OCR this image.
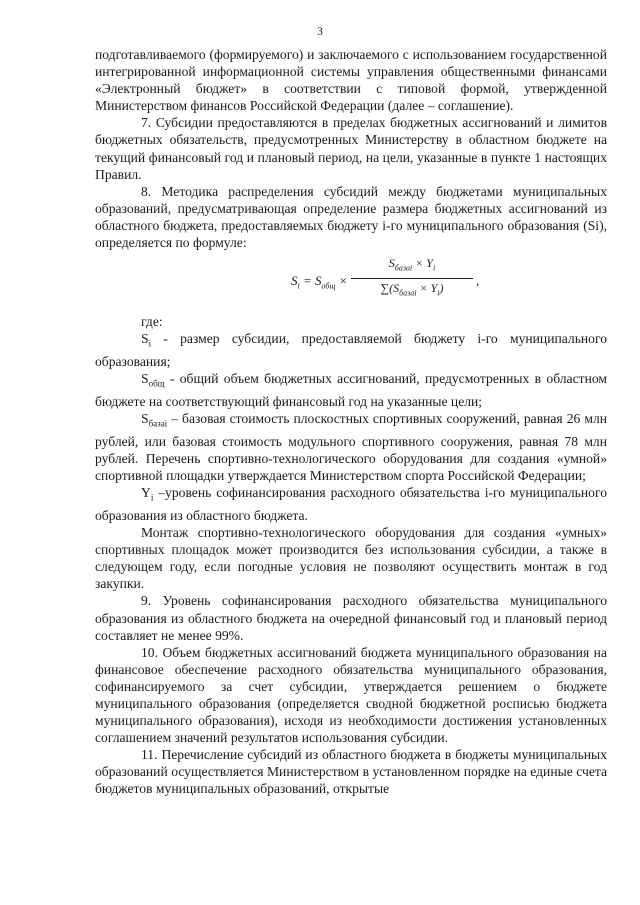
3

подготавливаемого (формируемого) и заключаемого с использованием государственной интегрированной информационной системы управления общественными финансами «Электронный бюджет» в соответствии с типовой формой, утвержденной Министерством финансов Российской Федерации (далее – соглашение).

7. Субсидии предоставляются в пределах бюджетных ассигнований и лимитов бюджетных обязательств, предусмотренных Министерству в областном бюджете на текущий финансовый год и плановый период, на цели, указанные в пункте 1 настоящих Правил.

8. Методика распределения субсидий между бюджетами муниципальных образований, предусматривающая определение размера бюджетных ассигнований из областного бюджета, предоставляемых бюджету i-го муниципального образования (Si), определяется по формуле:

$S_i = S_{общ}$ ×
$S_{базаi} \times Y_i$
$\sum(S_{базаi} \times Y_i)$	,

где:

$S_i$ - размер субсидии, предоставляемой бюджету i-го муниципального образования;

$S_{общ}$ - общий объем бюджетных ассигнований, предусмотренных в областном бюджете на соответствующий финансовый год на указанные цели;

$S_{базаi}$ – базовая стоимость плоскостных спортивных сооружений, равная 26 млн рублей, или базовая стоимость модульного спортивного сооружения, равная 78 млн рублей. Перечень спортивно-технологического оборудования для создания «умной» спортивной площадки утверждается Министерством спорта Российской Федерации;

$Y_i$ –уровень софинансирования расходного обязательства i-го муниципального образования из областного бюджета.

Монтаж спортивно-технологического оборудования для создания «умных» спортивных площадок может производится без использования субсидии, а также в следующем году, если погодные условия не позволяют осуществить монтаж в год закупки.

9. Уровень софинансирования расходного обязательства муниципального образования из областного бюджета на очередной финансовый год и плановый период составляет не менее 99%.

10. Объем бюджетных ассигнований бюджета муниципального образования на финансовое обеспечение расходного обязательства муниципального образования, софинансируемого за счет субсидии, утверждается решением о бюджете муниципального образования (определяется сводной бюджетной росписью бюджета муниципального образования), исходя из необходимости достижения установленных соглашением значений результатов использования субсидии.

11. Перечисление субсидий из областного бюджета в бюджеты муниципальных образований осуществляется Министерством в установленном порядке на единые счета бюджетов муниципальных образований, открытые
